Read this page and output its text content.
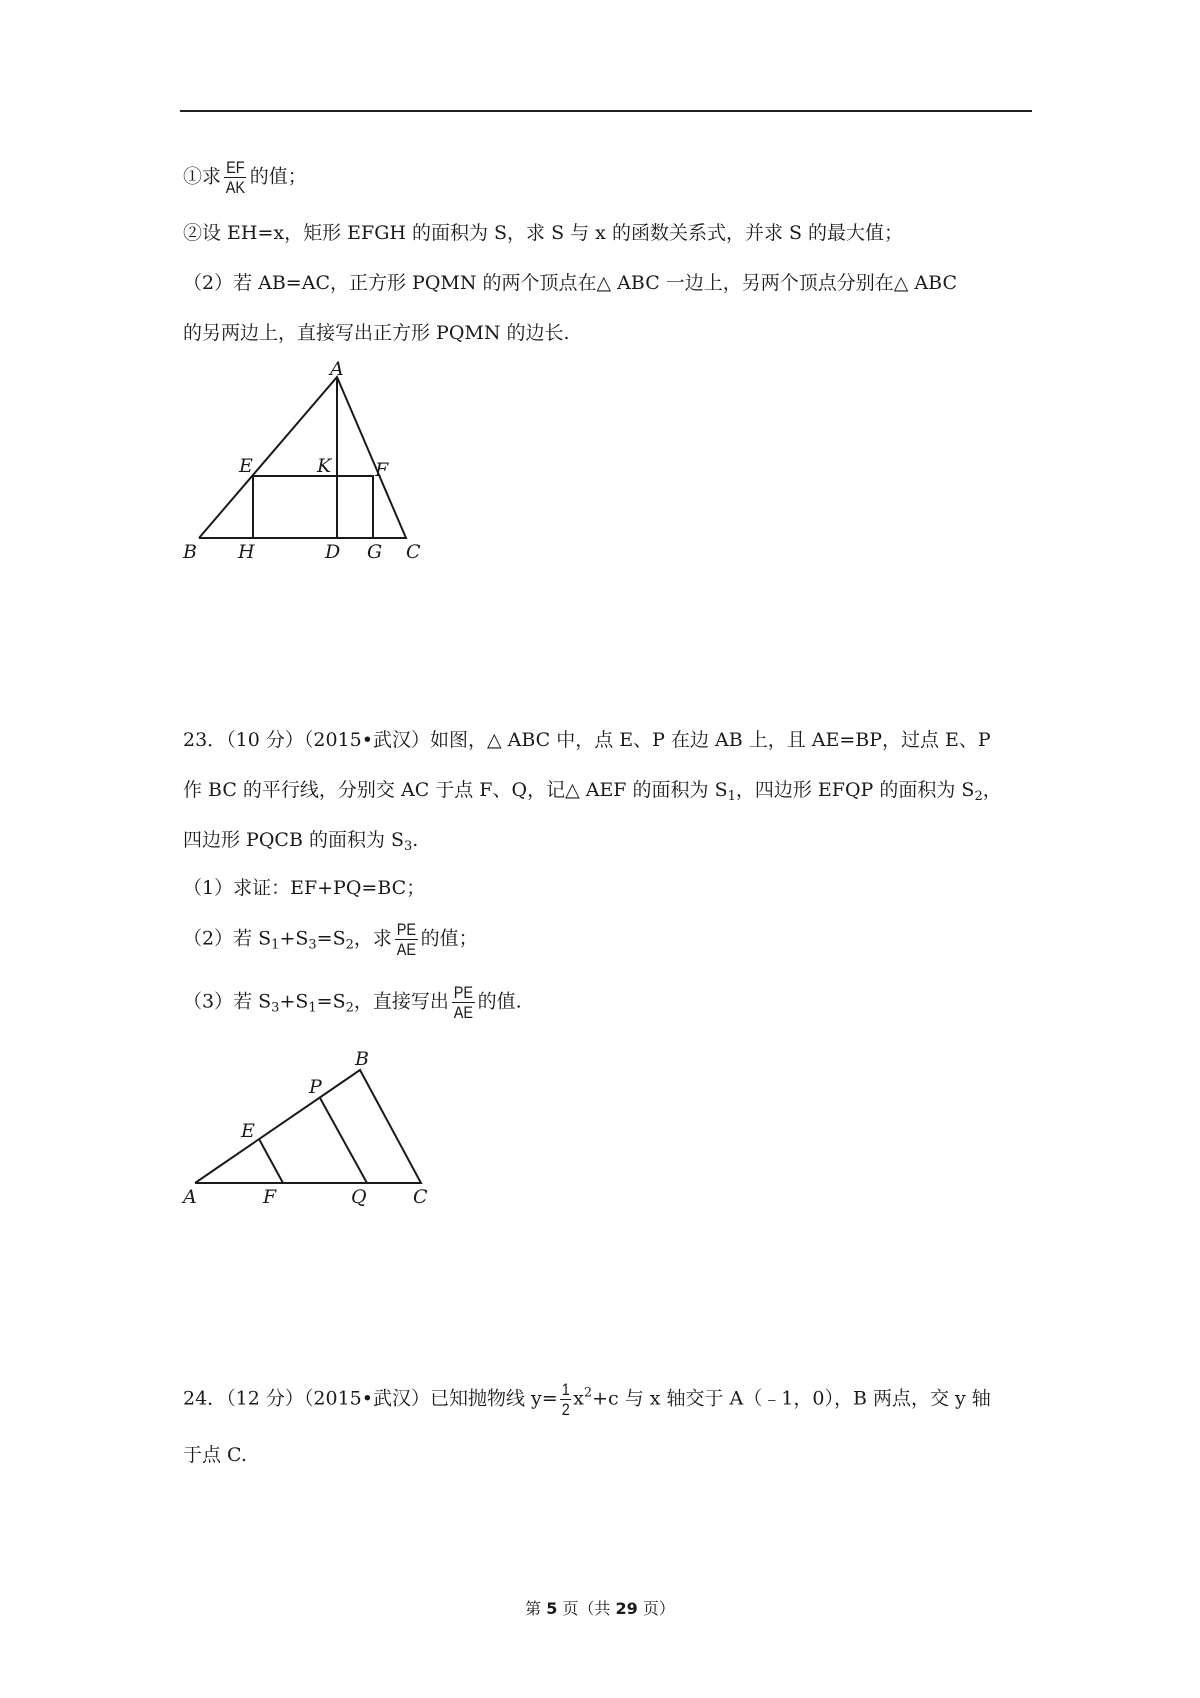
①求 $\frac{EF}{AK}$ 的值；
②设 EH=x，矩形 EFGH 的面积为 S，求 S 与 x 的函数关系式，并求 S 的最大值；
（2）若 AB=AC，正方形 PQMN 的两个顶点在△ ABC 一边上，另两个顶点分别在△ ABC
的另两边上，直接写出正方形 PQMN 的边长.
A
E	K F
B H	D G C
23．（10 分）（2015•武汉）如图，△ ABC 中，点 E、P 在边 AB 上，且 AE=BP，过点 E、P
作 BC 的平行线，分别交 AC 于点 F、Q，记△ AEF 的面积为 $S_1$，四边形 EFQP 的面积为 $S_2$，
四边形 PQCB 的面积为 $S_3$.
（1）求证：EF+PQ=BC；
（2）若 $S_1+S_3=S_2$，求 $\frac{PE}{AE}$ 的值；
（3）若 $S_3+S_1=S_2$，直接写出 $\frac{PE}{AE}$ 的值.
B
P
E
A	F	Q C
24．（12 分）（2015•武汉）已知抛物线 $y= \frac{1}{2} x^2+c$ 与 x 轴交于 A（﹣1，0），B 两点，交 y 轴
于点 C.
第 5 页（共 29 页）
